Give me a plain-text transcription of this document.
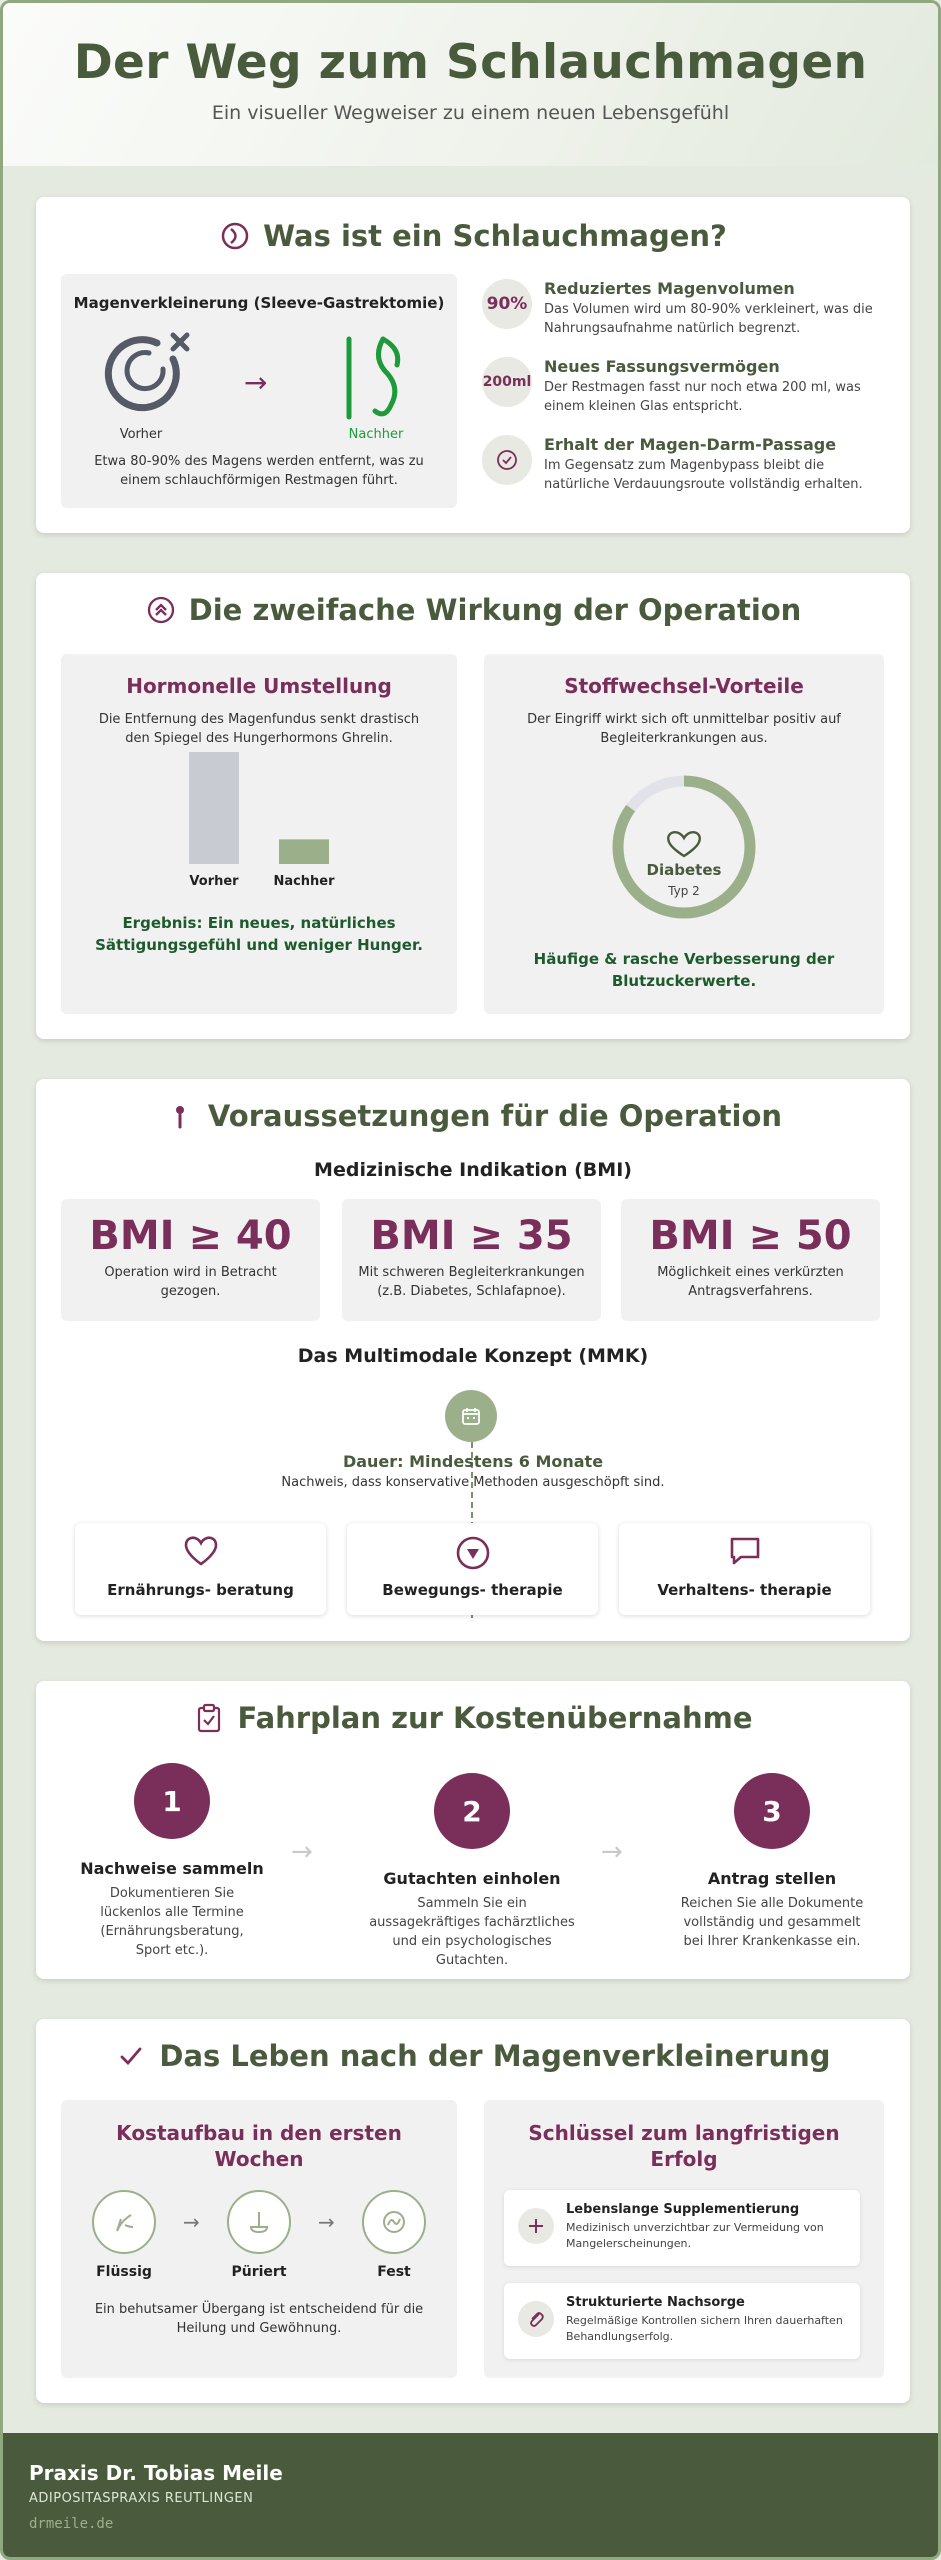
Der Weg zum Schlauchmagen

Ein visueller Wegweiser zu einem neuen Lebensgefühl

Was ist ein Schlauchmagen?
Magenverkleinerung (Sleeve-Gastrektomie)
Vorher
→
Nachher
Etwa 80-90% des Magens werden entfernt, was zu einem schlauchförmigen Restmagen führt.
90%
Reduziertes Magenvolumen

Das Volumen wird um 80-90% verkleinert, was die Nahrungsaufnahme natürlich begrenzt.

200ml
Neues Fassungsvermögen

Der Restmagen fasst nur noch etwa 200 ml, was einem kleinen Glas entspricht.

Erhalt der Magen-Darm-Passage

Im Gegensatz zum Magenbypass bleibt die natürliche Verdauungsroute vollständig erhalten.

Die zweifache Wirkung der Operation
Hormonelle Umstellung
Die Entfernung des Magenfundus senkt drastisch den Spiegel des Hungerhormons Ghrelin.
Vorher	Nachher
Ergebnis: Ein neues, natürliches Sättigungsgefühl und weniger Hunger.
Stoffwechsel-Vorteile
Der Eingriff wirkt sich oft unmittelbar positiv auf Begleiterkrankungen aus.
Diabetes
Typ 2
Häufige & rasche Verbesserung der Blutzuckerwerte.
Voraussetzungen für die Operation
Medizinische Indikation (BMI)
BMI ≥ 40
Operation wird in Betracht gezogen.
BMI ≥ 35
Mit schweren Begleiterkrankungen (z.B. Diabetes, Schlafapnoe).
BMI ≥ 50
Möglichkeit eines verkürzten Antragsverfahrens.
Das Multimodale Konzept (MMK)
Dauer: Mindestens 6 Monate
Nachweis, dass konservative Methoden ausgeschöpft sind.
Ernährungs- beratung	Bewegungs- therapie	Verhaltens- therapie
Fahrplan zur Kostenübernahme
1
Nachweise sammeln

Dokumentieren Sie lückenlos alle Termine (Ernährungsberatung, Sport etc.).

→
2
Gutachten einholen

Sammeln Sie ein aussagekräftiges fachärztliches und ein psychologisches Gutachten.

→
3
Antrag stellen

Reichen Sie alle Dokumente vollständig und gesammelt bei Ihrer Krankenkasse ein.

Das Leben nach der Magenverkleinerung
Kostaufbau in den ersten Wochen
Flüssig
→
Püriert
→
Fest
Ein behutsamer Übergang ist entscheidend für die Heilung und Gewöhnung.
Schlüssel zum langfristigen Erfolg
Lebenslange Supplementierung

Medizinisch unverzichtbar zur Vermeidung von Mangelerscheinungen.

Strukturierte Nachsorge

Regelmäßige Kontrollen sichern Ihren dauerhaften Behandlungserfolg.

Praxis Dr. Tobias Meile
ADIPOSITASPRAXIS REUTLINGEN
drmeile.de
